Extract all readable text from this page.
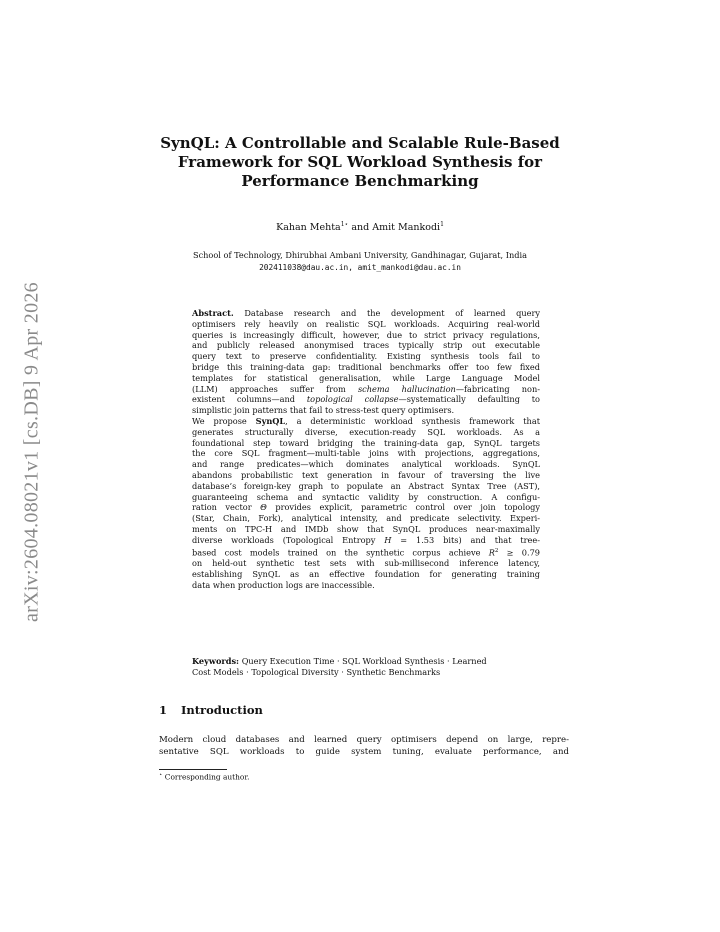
arXiv:2604.08021v1 [cs.DB] 9 Apr 2026
SynQL: A Controllable and Scalable Rule-Based
Framework for SQL Workload Synthesis for
Performance Benchmarking
Kahan Mehta$^{1⋆}$ and Amit Mankodi$^1$
School of Technology, Dhirubhai Ambani University, Gandhinagar, Gujarat, India
202411038@dau.ac.in, amit_mankodi@dau.ac.in
Abstract. Database research and the development of learned query
optimisers rely heavily on realistic SQL workloads. Acquiring real-world
queries is increasingly difficult, however, due to strict privacy regulations,
and publicly released anonymised traces typically strip out executable
query text to preserve confidentiality. Existing synthesis tools fail to
bridge this training-data gap: traditional benchmarks offer too few fixed
templates for statistical generalisation, while Large Language Model
(LLM) approaches suffer from schema hallucination—fabricating non-
existent columns—and topological collapse—systematically defaulting to
simplistic join patterns that fail to stress-test query optimisers.
We propose SynQL, a deterministic workload synthesis framework that
generates structurally diverse, execution-ready SQL workloads. As a
foundational step toward bridging the training-data gap, SynQL targets
the core SQL fragment—multi-table joins with projections, aggregations,
and range predicates—which dominates analytical workloads. SynQL
abandons probabilistic text generation in favour of traversing the live
database’s foreign-key graph to populate an Abstract Syntax Tree (AST),
guaranteeing schema and syntactic validity by construction. A configu-
ration vector Θ provides explicit, parametric control over join topology
(Star, Chain, Fork), analytical intensity, and predicate selectivity. Experi-
ments on TPC-H and IMDb show that SynQL produces near-maximally
diverse workloads (Topological Entropy H = 1.53 bits) and that tree-
based cost models trained on the synthetic corpus achieve $R^2 \ge 0.79$
on held-out synthetic test sets with sub-millisecond inference latency,
establishing SynQL as an effective foundation for generating training
data when production logs are inaccessible.
Keywords: Query Execution Time · SQL Workload Synthesis · Learned
Cost Models · Topological Diversity · Synthetic Benchmarks
1 Introduction
Modern cloud databases and learned query optimisers depend on large, repre-
sentative SQL workloads to guide system tuning, evaluate performance, and
⋆ Corresponding author.
